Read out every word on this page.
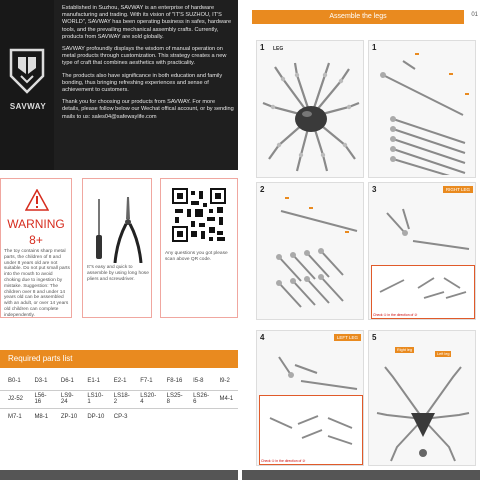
SAVWAY

Established in Suzhou, SAVWAY is an enterprise of hardware manufacturing and trading. With its vision of "IT'S SUZHOU, IT'S WORLD", SAVWAY has been operating business in safes, hardware tools, and the prevailing mechanical assembly crafts. Currently, products from SAVWAY are sold globally.

SAVWAY profoundly displays the wisdom of manual operation on metal products through customization. This strategy creates a new type of craft that combines aesthetics with practicality.

The products also have significance in both education and family bonding, thus bringing refreshing experiences and sense of achievement to customers.

Thank you for choosing our products from SAVWAY. For more details, please follow below our Wechat offical account, or by sending mails to us: sales04@safewaylife.com

WARNING
8+
The toy contains sharp metal parts, the children of 8 and under 8 years old are not suitable. Do not put small parts into the mouth to avoid choking due to ingestion by mistake. Suggestion: The children over 8 and under 14 years old can be assembled with an adult, or over 14 years old children can complete independently.
It''s easy and quick to assemble by using long hose pliers and screwdriver.
Any questions you got please scan above QR code.
Required parts list
B0-1	D3-1	D6-1	E1-1	E2-1	F7-1	F8-16	I5-8	I9-2
J2-52	L56-16	LS9-24	LS10-1	LS18-2	LS20-4	LS25-8	LS26-6	M4-1
M7-1	M8-1	ZP-10	DP-10	CP-3				
Assemble the legs	01
1 LEG	1
2	3	RIGHT LEG
Check ① in the direction of ②
4	LEFT LEG
Check ① in the direction of ②
5
Right leg
Left leg
